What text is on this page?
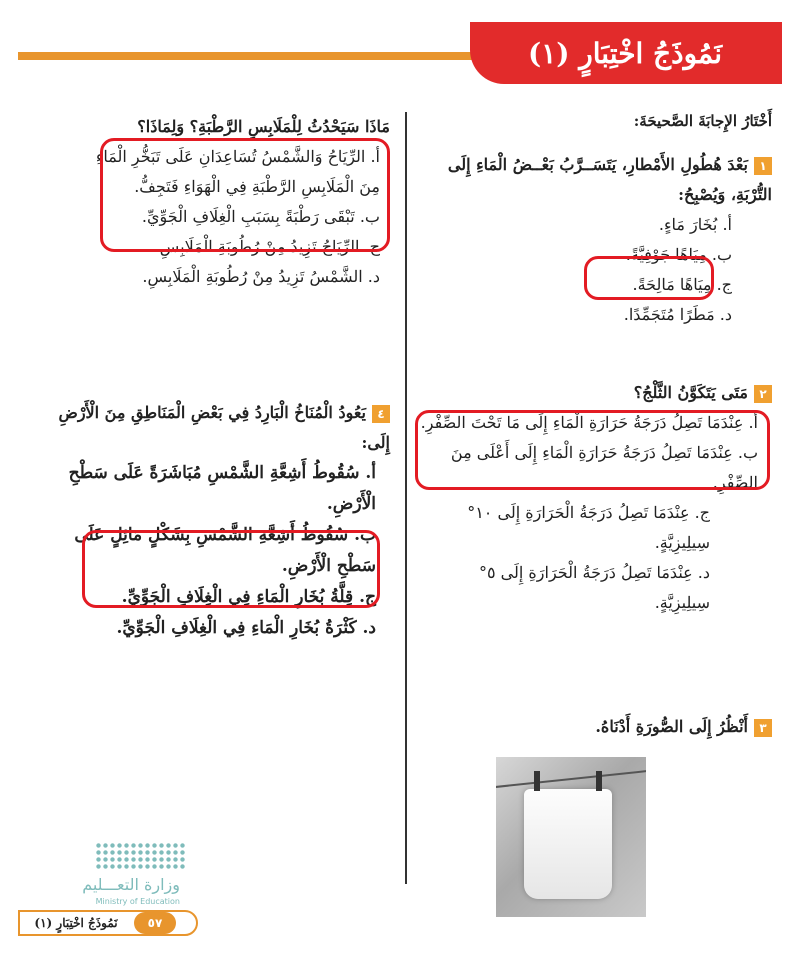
نَمُوذَجُ اخْتِبَارٍ (١)
أَخْتَارُ الإِجابَةَ الصَّحيحَةَ:
١بَعْدَ هُطُولِ الأَمْطارِ، يَتَسَــرَّبُ بَعْــضُ الْمَاءِ إِلَى التُّرْبَةِ، وَيُصْبِحُ:
أ. بُخَارَ مَاءٍ.
ب. مِيَاهًا جَوْفِيَّةً.
ج. مِيَاهًا مَالِحَةً.
د. مَطَرًا مُتَجَمِّدًا.
٢مَتَى يَتَكَوَّنُ الثَّلْجُ؟
أ. عِنْدَمَا تَصِلُ دَرَجَةُ حَرَارَةِ الْمَاءِ إِلَى مَا تَحْتَ الصِّفْرِ.
ب. عِنْدَمَا تَصِلُ دَرَجَةُ حَرَارَةِ الْمَاءِ إِلَى أَعْلَى مِنَ الصِّفْرِ.
ج. عِنْدَمَا تَصِلُ دَرَجَةُ الْحَرَارَةِ إِلَى ١٠° سِيلِيزِيَّةٍ.
د. عِنْدَمَا تَصِلُ دَرَجَةُ الْحَرَارَةِ إِلَى ٥° سِيلِيزِيَّةٍ.
٣أَنْظُرُ إِلَى الصُّورَةِ أَدْنَاهُ.
مَاذَا سَيَحْدُثُ لِلْمَلَابِسِ الرَّطْبَةِ؟ وَلِمَاذَا؟
أ. الرِّيَاحُ وَالشَّمْسُ تُسَاعِدَانِ عَلَى تَبَخُّرِ الْمَاءِ مِنَ الْمَلَابِسِ الرَّطْبَةِ فِي الْهَوَاءِ فَتَجِفُّ.
ب. تَبْقَى رَطْبَةً بِسَبَبِ الْغِلَافِ الْجَوِّيِّ.
ج. الرِّيَاحُ تَزِيدُ مِنْ رُطُوبَةِ الْمَلَابِسِ.
د. الشَّمْسُ تَزِيدُ مِنْ رُطُوبَةِ الْمَلَابِسِ.
٤يَعُودُ الْمُنَاخُ الْبَارِدُ فِي بَعْضِ الْمَنَاطِقِ مِنَ الْأَرْضِ إِلَى:
أ. سُقُوطُ أَشِعَّةِ الشَّمْسِ مُبَاشَرَةً عَلَى سَطْحِ الْأَرْضِ.
ب. سُقُوطُ أَشِعَّةِ الشَّمْسِ بِشَكْلٍ مَائِلٍ عَلَى سَطْحِ الْأَرْضِ.
ج. قِلَّةُ بُخَارِ الْمَاءِ فِي الْغِلَافِ الْجَوِّيِّ.
د. كَثْرَةُ بُخَارِ الْمَاءِ فِي الْغِلَافِ الْجَوِّيِّ.
وزارة التعـــليم
Ministry of Education
٥٧
نَمُوذَجُ اخْتِبَارٍ (١)
